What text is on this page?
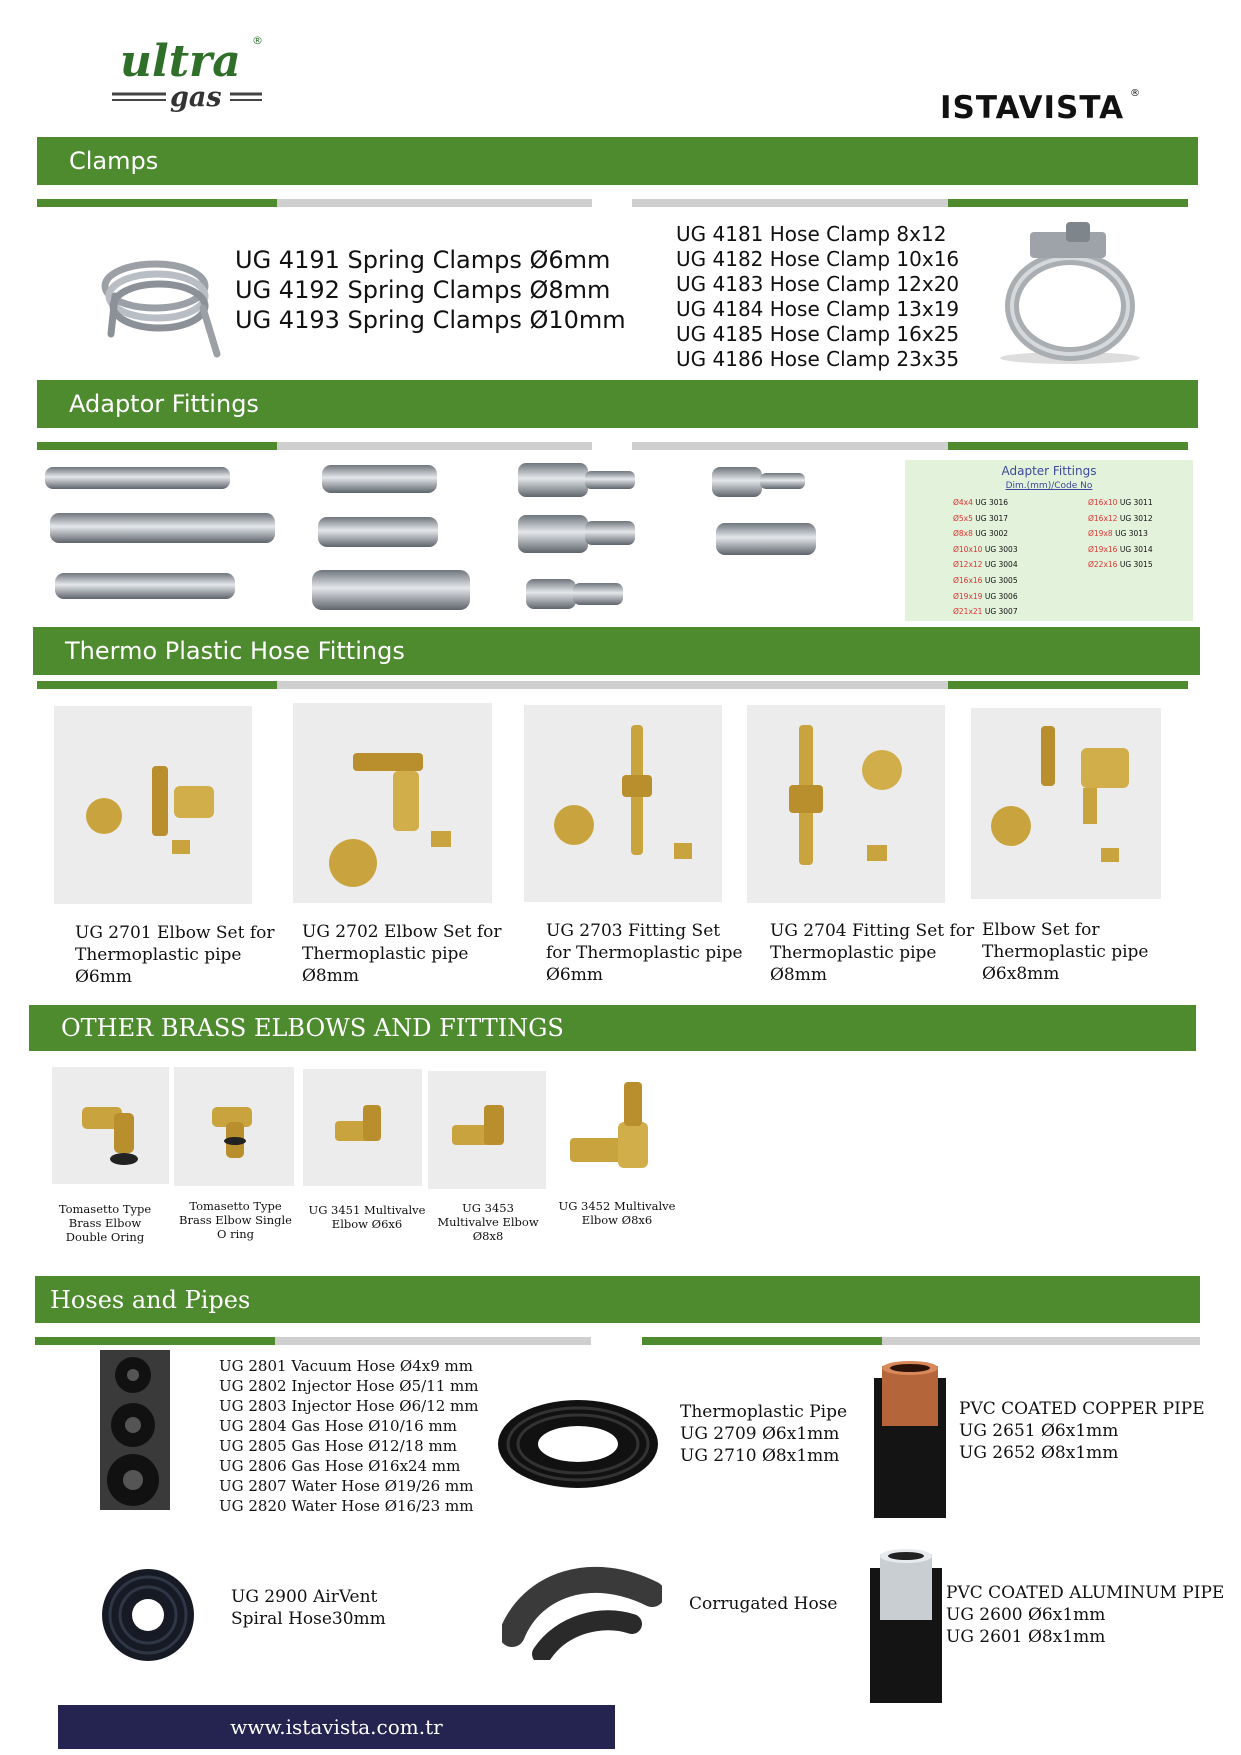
ultra ®
gas	ISTAVISTA ®
Clamps
UG 4191 Spring Clamps Ø6mm
UG 4192 Spring Clamps Ø8mm
UG 4193 Spring Clamps Ø10mm
UG 4181 Hose Clamp 8x12
UG 4182 Hose Clamp 10x16
UG 4183 Hose Clamp 12x20
UG 4184 Hose Clamp 13x19
UG 4185 Hose Clamp 16x25
UG 4186 Hose Clamp 23x35
Adaptor Fittings
Adapter Fittings
Dim.(mm)/Code No
Ø4x4 UG 3016
Ø5x5 UG 3017
Ø8x8 UG 3002
Ø10x10 UG 3003
Ø12x12 UG 3004
Ø16x16 UG 3005
Ø19x19 UG 3006
Ø21x21 UG 3007
Ø16x10 UG 3011
Ø16x12 UG 3012
Ø19x8 UG 3013
Ø19x16 UG 3014
Ø22x16 UG 3015
Thermo Plastic Hose Fittings
UG 2701 Elbow Set for
Thermoplastic pipe
Ø6mm
UG 2702 Elbow Set for
Thermoplastic pipe
Ø8mm
UG 2703 Fitting Set
for Thermoplastic pipe
Ø6mm
UG 2704 Fitting Set for
Thermoplastic pipe
Ø8mm
Elbow Set for
Thermoplastic pipe
Ø6x8mm
OTHER BRASS ELBOWS AND FITTINGS
Tomasetto Type Brass Elbow Double Oring
Tomasetto Type Brass Elbow Single O ring
UG 3451 Multivalve Elbow Ø6x6
UG 3453 Multivalve Elbow Ø8x8
UG 3452 Multivalve Elbow Ø8x6
Hoses and Pipes
UG 2801 Vacuum Hose Ø4x9 mm
UG 2802 Injector Hose Ø5/11 mm
UG 2803 Injector Hose Ø6/12 mm
UG 2804 Gas Hose Ø10/16 mm
UG 2805 Gas Hose Ø12/18 mm
UG 2806 Gas Hose Ø16x24 mm
UG 2807 Water Hose Ø19/26 mm
UG 2820 Water Hose Ø16/23 mm
Thermoplastic Pipe
UG 2709 Ø6x1mm
UG 2710 Ø8x1mm
PVC COATED COPPER PIPE
UG 2651 Ø6x1mm
UG 2652 Ø8x1mm
UG 2900 AirVent
Spiral Hose30mm
Corrugated Hose
PVC COATED ALUMINUM PIPE
UG 2600 Ø6x1mm
UG 2601 Ø8x1mm
www.istavista.com.tr
